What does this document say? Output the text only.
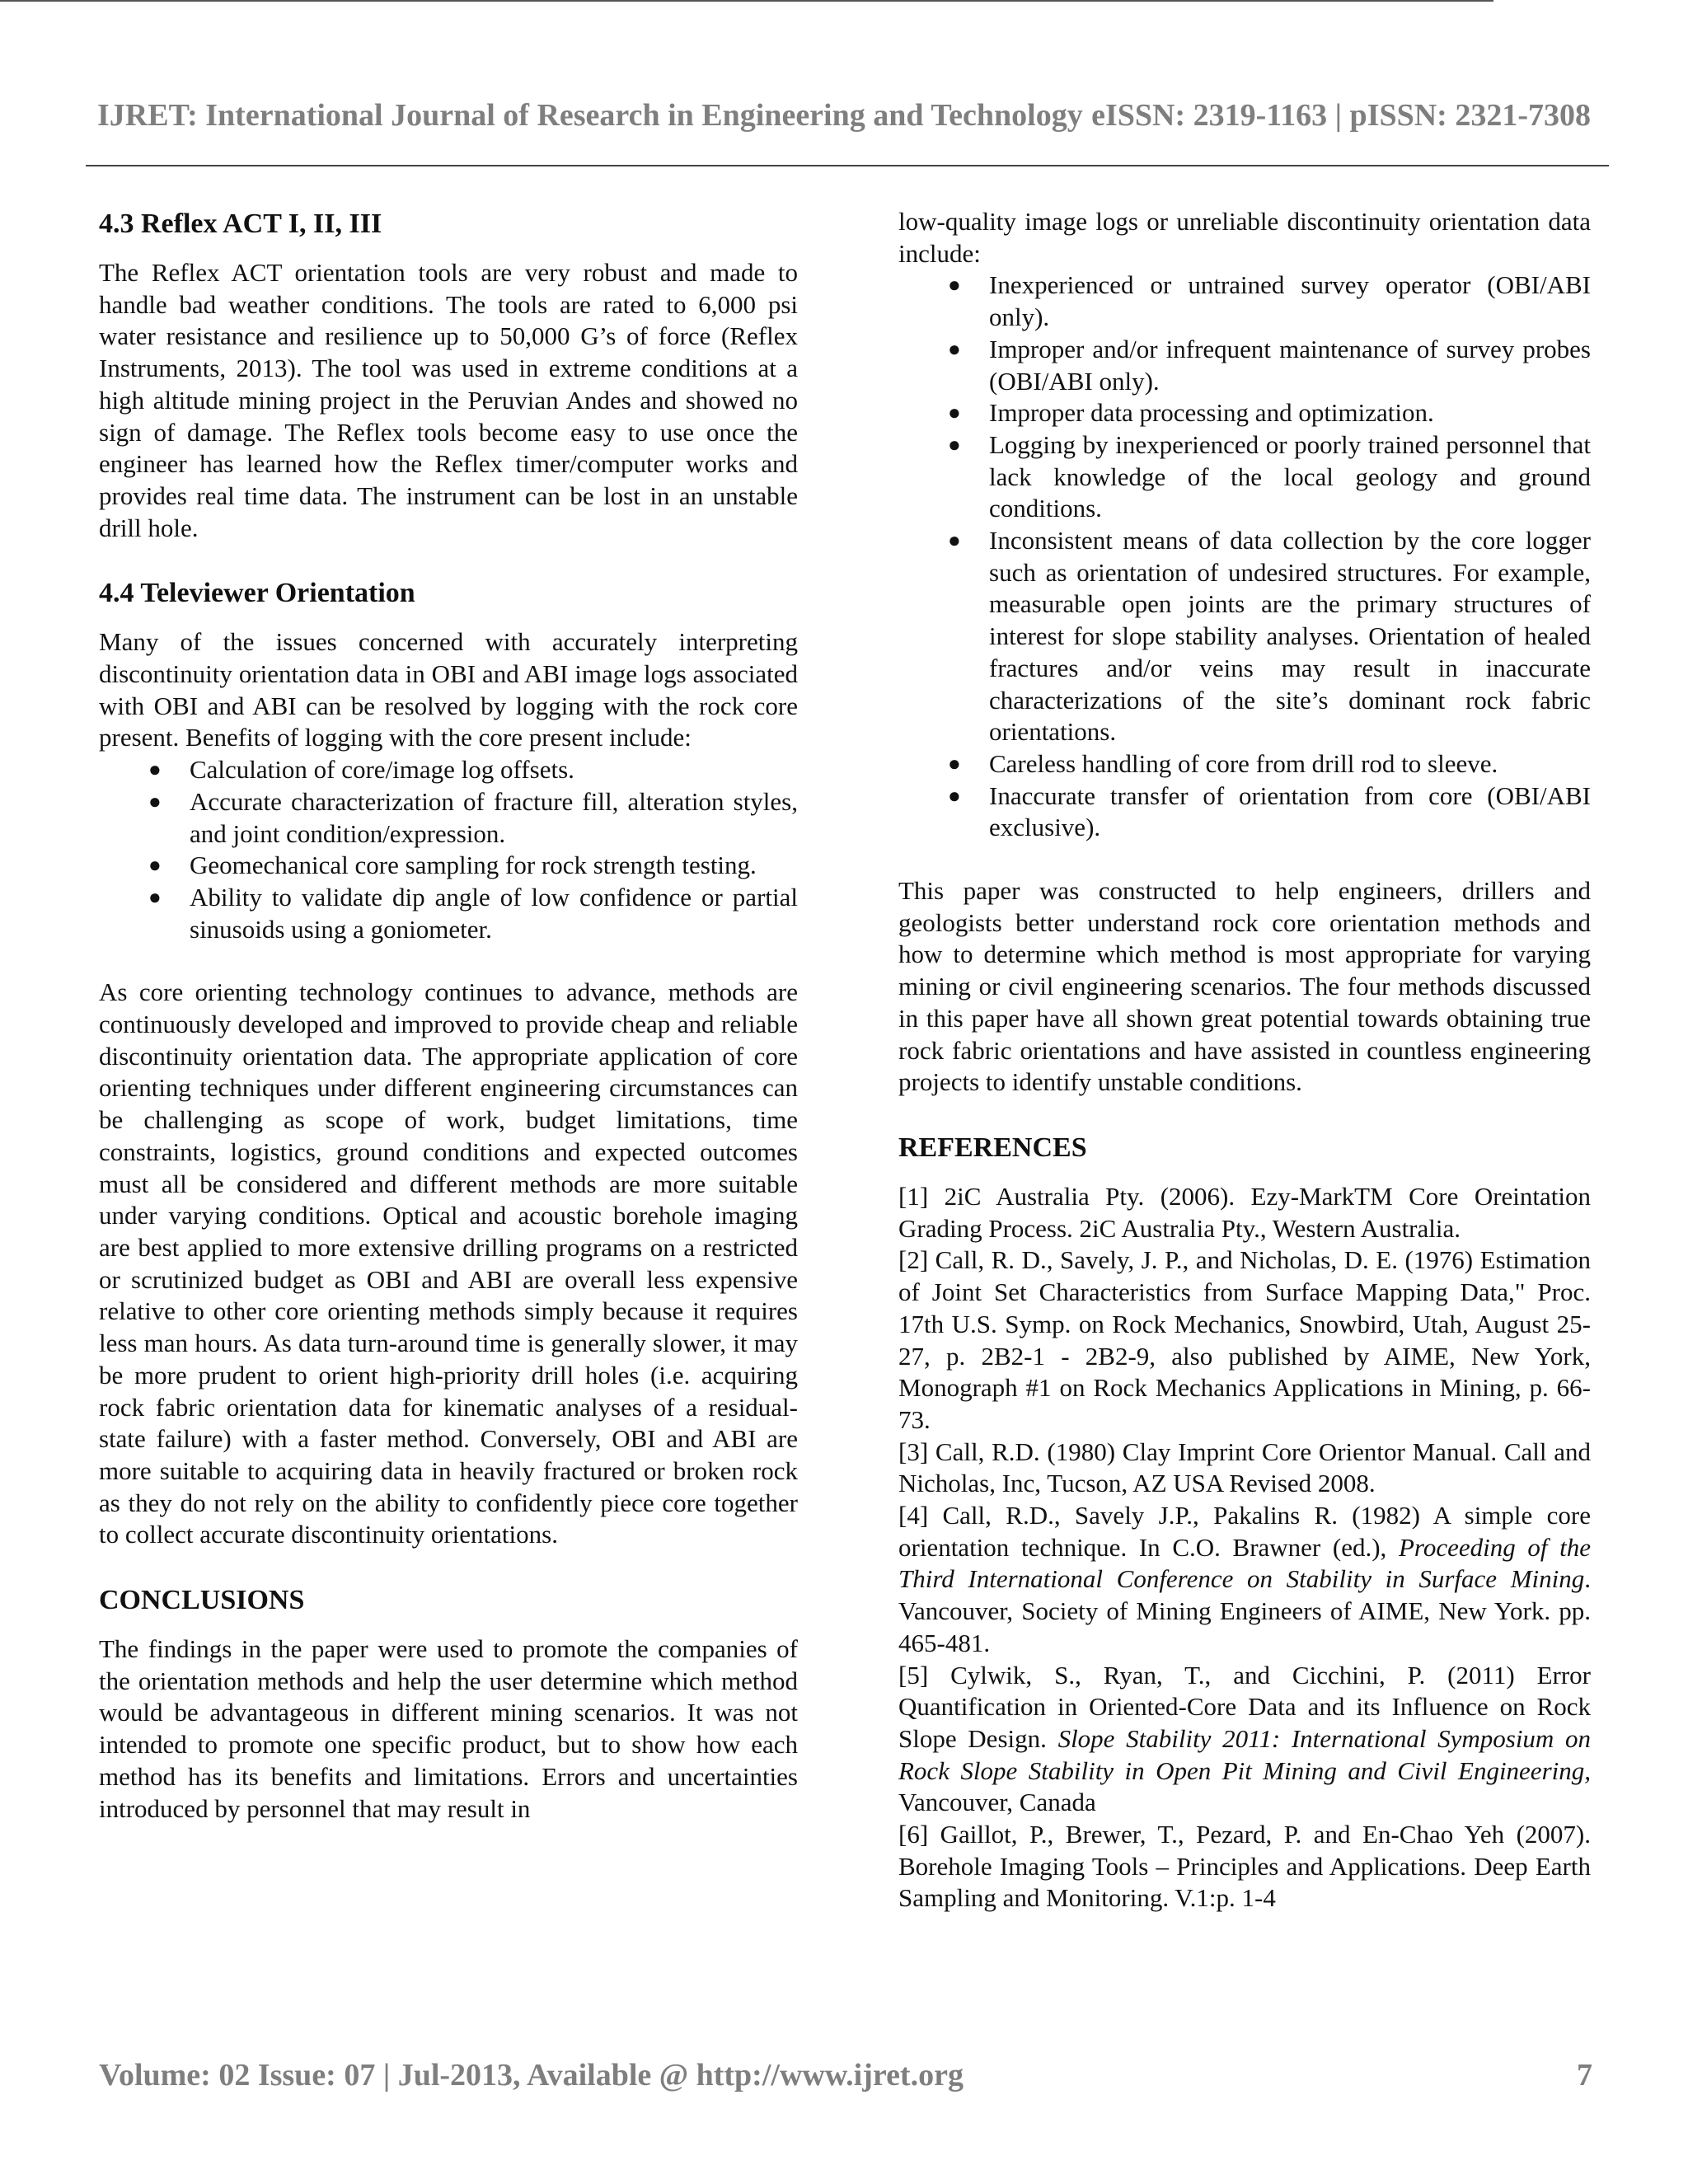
IJRET: International Journal of Research in Engineering and Technology eISSN: 2319-1163 | pISSN: 2321-7308
4.3 Reflex ACT I, II, III

The Reflex ACT orientation tools are very robust and made to handle bad weather conditions. The tools are rated to 6,000 psi water resistance and resilience up to 50,000 G’s of force (Reflex Instruments, 2013). The tool was used in extreme conditions at a high altitude mining project in the Peruvian Andes and showed no sign of damage. The Reflex tools become easy to use once the engineer has learned how the Reflex timer/computer works and provides real time data. The instrument can be lost in an unstable drill hole.

4.4 Televiewer Orientation

Many of the issues concerned with accurately interpreting discontinuity orientation data in OBI and ABI image logs associated with OBI and ABI can be resolved by logging with the rock core present. Benefits of logging with the core present include:

● Calculation of core/image log offsets.
● Accurate characterization of fracture fill, alteration styles, and joint condition/expression.
● Geomechanical core sampling for rock strength testing.
● Ability to validate dip angle of low confidence or partial sinusoids using a goniometer.

As core orienting technology continues to advance, methods are continuously developed and improved to provide cheap and reliable discontinuity orientation data. The appropriate application of core orienting techniques under different engineering circumstances can be challenging as scope of work, budget limitations, time constraints, logistics, ground conditions and expected outcomes must all be considered and different methods are more suitable under varying conditions. Optical and acoustic borehole imaging are best applied to more extensive drilling programs on a restricted or scrutinized budget as OBI and ABI are overall less expensive relative to other core orienting methods simply because it requires less man hours. As data turn-around time is generally slower, it may be more prudent to orient high-priority drill holes (i.e. acquiring rock fabric orientation data for kinematic analyses of a residual-state failure) with a faster method. Conversely, OBI and ABI are more suitable to acquiring data in heavily fractured or broken rock as they do not rely on the ability to confidently piece core together to collect accurate discontinuity orientations.

CONCLUSIONS

The findings in the paper were used to promote the companies of the orientation methods and help the user determine which method would be advantageous in different mining scenarios. It was not intended to promote one specific product, but to show how each method has its benefits and limitations. Errors and uncertainties introduced by personnel that may result in

low-quality image logs or unreliable discontinuity orientation data include:

● Inexperienced or untrained survey operator (OBI/ABI only).
● Improper and/or infrequent maintenance of survey probes (OBI/ABI only).
● Improper data processing and optimization.
● Logging by inexperienced or poorly trained personnel that lack knowledge of the local geology and ground conditions.
● Inconsistent means of data collection by the core logger such as orientation of undesired structures. For example, measurable open joints are the primary structures of interest for slope stability analyses. Orientation of healed fractures and/or veins may result in inaccurate characterizations of the site’s dominant rock fabric orientations.
● Careless handling of core from drill rod to sleeve.
● Inaccurate transfer of orientation from core (OBI/ABI exclusive).

This paper was constructed to help engineers, drillers and geologists better understand rock core orientation methods and how to determine which method is most appropriate for varying mining or civil engineering scenarios. The four methods discussed in this paper have all shown great potential towards obtaining true rock fabric orientations and have assisted in countless engineering projects to identify unstable conditions.

REFERENCES

[1] 2iC Australia Pty. (2006). Ezy-MarkTM Core Oreintation Grading Process. 2iC Australia Pty., Western Australia.

[2] Call, R. D., Savely, J. P., and Nicholas, D. E. (1976) Estimation of Joint Set Characteristics from Surface Mapping Data," Proc. 17th U.S. Symp. on Rock Mechanics, Snowbird, Utah, August 25-27, p. 2B2-1 - 2B2-9, also published by AIME, New York, Monograph #1 on Rock Mechanics Applications in Mining, p. 66-73.

[3] Call, R.D. (1980) Clay Imprint Core Orientor Manual. Call and Nicholas, Inc, Tucson, AZ USA Revised 2008.

[4] Call, R.D., Savely J.P., Pakalins R. (1982) A simple core orientation technique. In C.O. Brawner (ed.), Proceeding of the Third International Conference on Stability in Surface Mining. Vancouver, Society of Mining Engineers of AIME, New York. pp. 465-481.

[5] Cylwik, S., Ryan, T., and Cicchini, P. (2011) Error Quantification in Oriented-Core Data and its Influence on Rock Slope Design. Slope Stability 2011: International Symposium on Rock Slope Stability in Open Pit Mining and Civil Engineering, Vancouver, Canada

[6] Gaillot, P., Brewer, T., Pezard, P. and En-Chao Yeh (2007). Borehole Imaging Tools – Principles and Applications. Deep Earth Sampling and Monitoring. V.1:p. 1-4

Volume: 02 Issue: 07 | Jul-2013, Available @ http://www.ijret.org	7
